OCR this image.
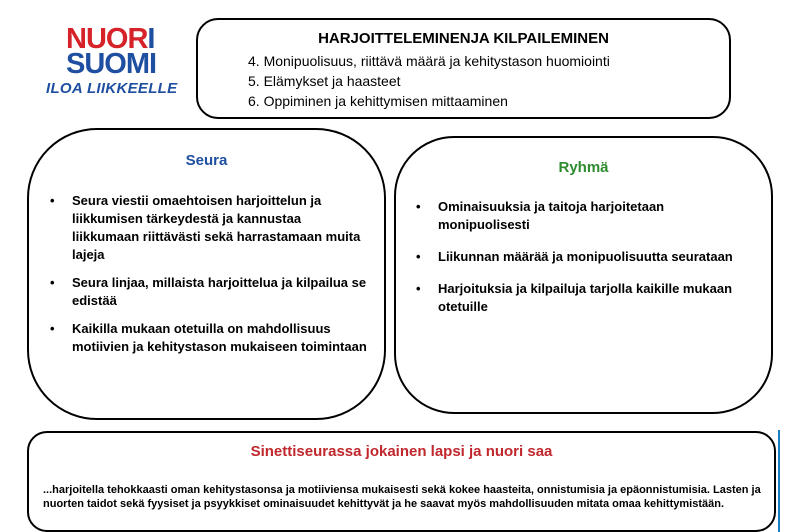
NUORI
SUOMI
ILOA LIIKKEELLE
HARJOITTELEMINENJA KILPAILEMINEN
4. Monipuolisuus, riittävä määrä ja kehitystason huomiointi
5. Elämykset ja haasteet
6. Oppiminen ja kehittymisen mittaaminen
Seura
• Seura viestii omaehtoisen harjoittelun ja liikkumisen tärkeydestä ja kannustaa liikkumaan riittävästi sekä harrastamaan muita lajeja
• Seura linjaa, millaista harjoittelua ja kilpailua se edistää
• Kaikilla mukaan otetuilla on mahdollisuus motiivien ja kehitystason mukaiseen toimintaan
Ryhmä
• Ominaisuuksia ja taitoja harjoitetaan monipuolisesti
• Liikunnan määrää ja monipuolisuutta seurataan
• Harjoituksia ja kilpailuja tarjolla kaikille mukaan otetuille
Sinettiseurassa jokainen lapsi ja nuori saa
...harjoitella tehokkaasti oman kehitystasonsa ja motiiviensa mukaisesti sekä kokee haasteita, onnistumisia ja epäonnistumisia. Lasten ja nuorten taidot sekä fyysiset ja psyykkiset ominaisuudet kehittyvät ja he saavat myös mahdollisuuden mitata omaa kehittymistään.
